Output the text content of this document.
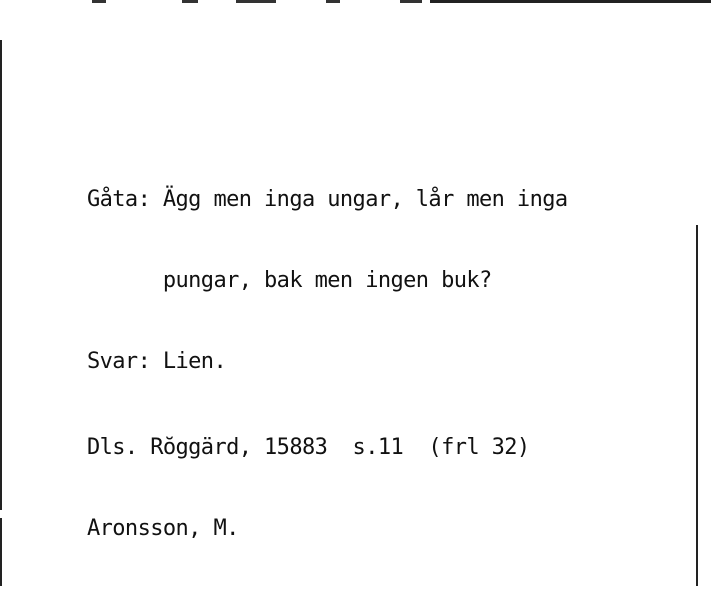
Gåta: Ägg men inga ungar, lår men inga

pungar, bak men ingen buk?

Svar: Lien.

Dls. Rŏggärd, 15883  s.11  (frl 32)

Aronsson, M.
